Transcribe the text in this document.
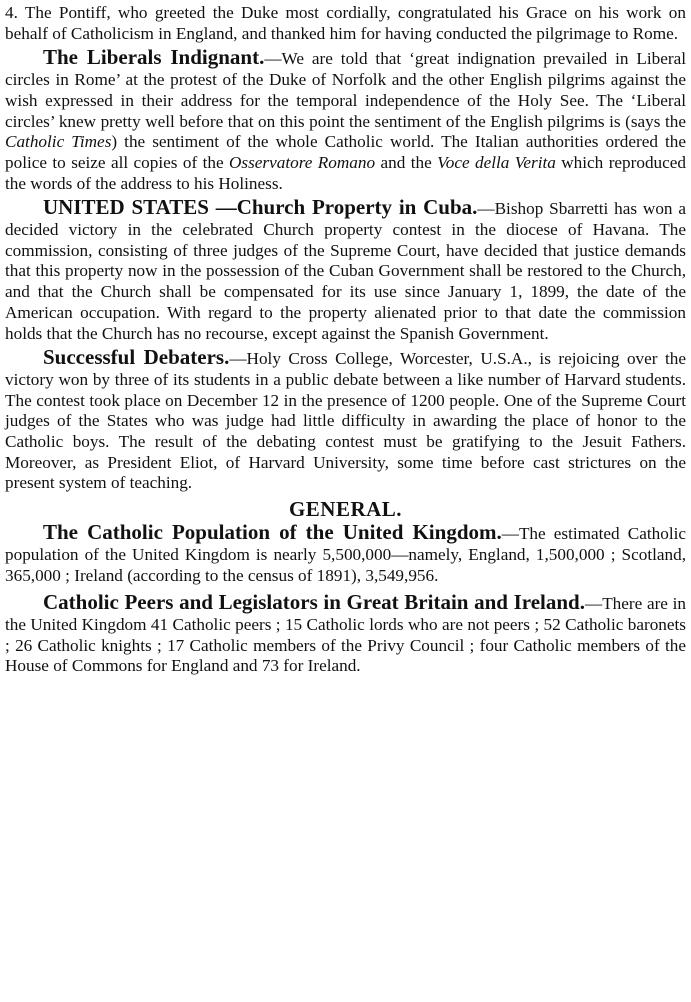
4. The Pontiff, who greeted the Duke most cordially, congratulated his Grace on his work on behalf of Catholicism in England, and thanked him for having conducted the pilgrimage to Rome.

The Liberals Indignant.—We are told that ‘great indignation prevailed in Liberal circles in Rome’ at the protest of the Duke of Norfolk and the other English pilgrims against the wish expressed in their address for the temporal independence of the Holy See. The ‘Liberal circles’ knew pretty well before that on this point the sentiment of the English pilgrims is (says the Catholic Times) the sentiment of the whole Catholic world. The Italian authorities ordered the police to seize all copies of the Osservatore Romano and the Voce della Verita which reproduced the words of the address to his Holiness.

UNITED STATES —Church Property in Cuba.—Bishop Sbarretti has won a decided victory in the celebrated Church property contest in the diocese of Havana. The commission, consisting of three judges of the Supreme Court, have decided that justice demands that this property now in the possession of the Cuban Government shall be restored to the Church, and that the Church shall be compensated for its use since January 1, 1899, the date of the American occupation. With regard to the property alienated prior to that date the commission holds that the Church has no recourse, except against the Spanish Government.

Successful Debaters.—Holy Cross College, Worcester, U.S.A., is rejoicing over the victory won by three of its students in a public debate between a like number of Harvard students. The contest took place on December 12 in the presence of 1200 people. One of the Supreme Court judges of the States who was judge had little difficulty in awarding the place of honor to the Catholic boys. The result of the debating contest must be gratifying to the Jesuit Fathers. Moreover, as President Eliot, of Harvard University, some time before cast strictures on the present system of teaching.

GENERAL.

The Catholic Population of the United Kingdom.—The estimated Catholic population of the United Kingdom is nearly 5,500,000—namely, England, 1,500,000 ; Scotland, 365,000 ; Ireland (according to the census of 1891), 3,549,956.

Catholic Peers and Legislators in Great Britain and Ireland.—There are in the United Kingdom 41 Catholic peers ; 15 Catholic lords who are not peers ; 52 Catholic baronets ; 26 Catholic knights ; 17 Catholic members of the Privy Council ; four Catholic members of the House of Commons for England and 73 for Ireland.
